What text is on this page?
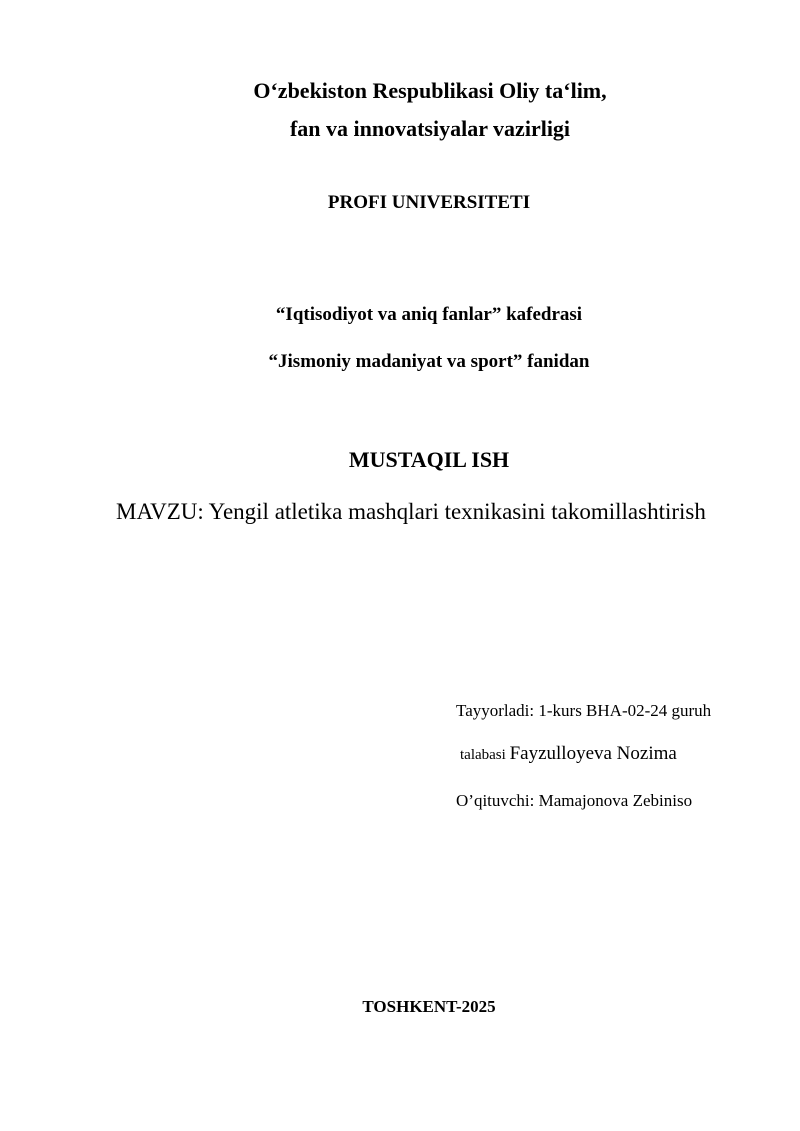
O‘zbekiston Respublikasi Oliy ta‘lim,
fan va innovatsiyalar vazirligi
PROFI UNIVERSITETI
“Iqtisodiyot va aniq fanlar” kafedrasi
“Jismoniy madaniyat va sport” fanidan
MUSTAQIL ISH
MAVZU: Yengil atletika mashqlari texnikasini takomillashtirish
Tayyorladi: 1-kurs BHA-02-24 guruh
talabasi Fayzulloyeva Nozima
O’qituvchi: Mamajonova Zebiniso
TOSHKENT-2025
